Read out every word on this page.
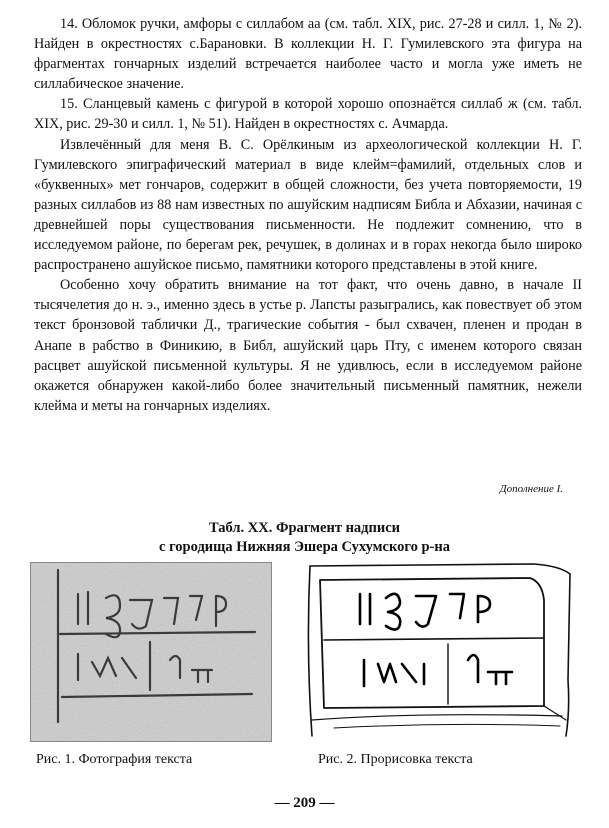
14. Обломок ручки, амфоры с силлабом аа (см. табл. XIX, рис. 27-28 и силл. 1, № 2). Найден в окрестностях с.Барановки. В коллекции Н. Г. Гумилевского эта фигура на фрагментах гончарных изделий встречается наиболее часто и могла уже иметь не силлабическое значение.

15. Сланцевый камень с фигурой в которой хорошо опознаётся силлаб ж (см. табл. XIX, рис. 29-30 и силл. 1, № 51). Найден в окрестностях с. Ачмарда.

Извлечённый для меня В. С. Орёлкиным из археологической коллекции Н. Г. Гумилевского эпиграфический материал в виде клейм=фамилий, отдельных слов и «буквенных» мет гончаров, содержит в общей сложности, без учета повторяемости, 19 разных силлабов из 88 нам известных по ашуйским надписям Библа и Абхазии, начиная с древнейшей поры существования письменности. Не подлежит сомнению, что в исследуемом районе, по берегам рек, речушек, в долинах и в горах некогда было широко распространено ашуйское письмо, памятники которого представлены в этой книге.

Особенно хочу обратить внимание на тот факт, что очень давно, в начале II тысячелетия до н. э., именно здесь в устье р. Лапсты разыгрались, как повествует об этом текст бронзовой таблички Д., трагические события - был схвачен, пленен и продан в Анапе в рабство в Финикию, в Библ, ашуйский царь Пту, с именем которого связан расцвет ашуйской письменной культуры. Я не удивлюсь, если в исследуемом районе окажется обнаружен какой-либо более значительный письменный памятник, нежели клейма и меты на гончарных изделиях.

Дополнение I.
Табл. XX. Фрагмент надписи
с городища Нижняя Эшера Сухумского р-на
Рис. 1. Фотография текста	Рис. 2. Прорисовка текста
— 209 —
